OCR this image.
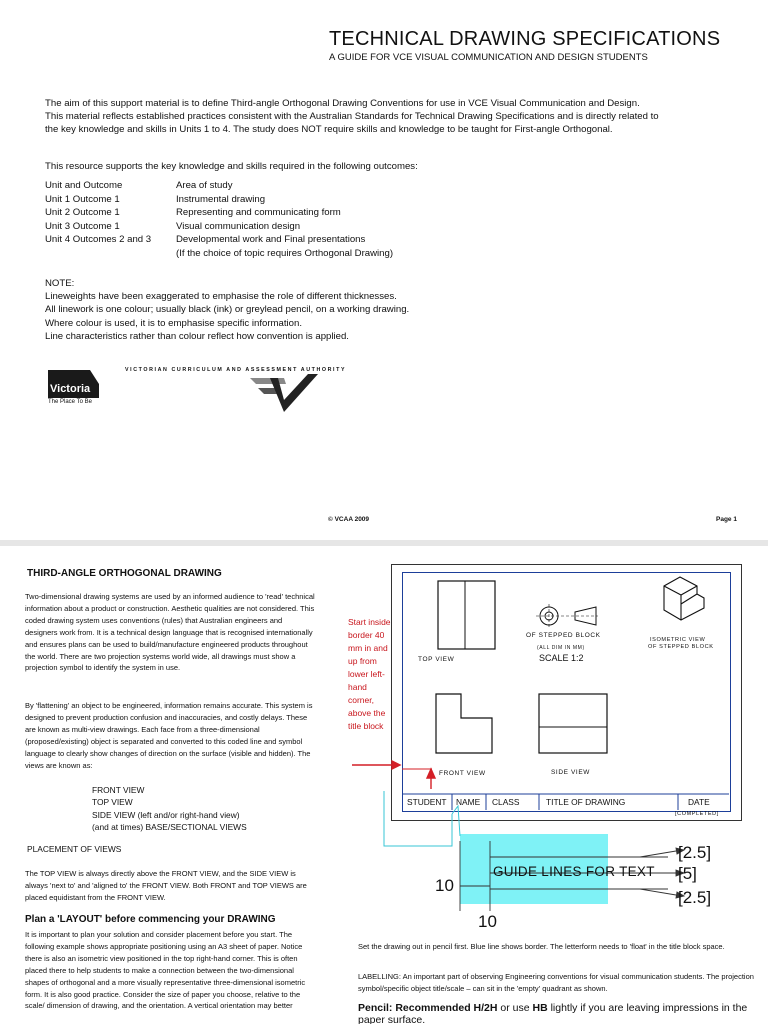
TECHNICAL DRAWING SPECIFICATIONS
A GUIDE FOR VCE VISUAL COMMUNICATION AND DESIGN STUDENTS
The aim of this support material is to define Third-angle Orthogonal Drawing Conventions for use in VCE Visual Communication and Design. This material reflects established practices consistent with the Australian Standards for Technical Drawing Specifications and is directly related to the key knowledge and skills in Units 1 to 4. The study does NOT require skills and knowledge to be taught for First-angle Orthogonal.
This resource supports the key knowledge and skills required in the following outcomes:
Unit and Outcome	Area of study
Unit 1 Outcome 1	Instrumental drawing
Unit 2 Outcome 1	Representing and communicating form
Unit 3 Outcome 1	Visual communication design
Unit 4 Outcomes 2 and 3	Developmental work and Final presentations
(If the choice of topic requires Orthogonal Drawing)
NOTE:
Lineweights have been exaggerated to emphasise the role of different thicknesses.
All linework is one colour; usually black (ink) or greylead pencil, on a working drawing.
Where colour is used, it is to emphasise specific information.
Line characteristics rather than colour reflect how convention is applied.
Victoria
The Place To Be
VICTORIAN CURRICULUM AND ASSESSMENT AUTHORITY
© VCAA 2009	Page 1
THIRD-ANGLE ORTHOGONAL DRAWING
Two-dimensional drawing systems are used by an informed audience to 'read' technical information about a product or construction. Aesthetic qualities are not considered. This coded drawing system uses conventions (rules) that Australian engineers and designers work from. It is a technical design language that is recognised internationally and ensures plans can be used to build/manufacture engineered products throughout the world. There are two projection systems world wide, all drawings must show a projection symbol to identify the system in use.
By 'flattening' an object to be engineered, information remains accurate. This system is designed to prevent production confusion and inaccuracies, and costly delays. These are known as multi-view drawings. Each face from a three-dimensional (proposed/existing) object is separated and converted to this coded line and symbol language to clearly show changes of direction on the surface (visible and hidden). The views are known as:
FRONT VIEW
TOP VIEW
SIDE VIEW (left and/or right-hand view)
(and at times) BASE/SECTIONAL VIEWS
PLACEMENT OF VIEWS
The TOP VIEW is always directly above the FRONT VIEW, and the SIDE VIEW is always 'next to' and 'aligned to' the FRONT VIEW. Both FRONT and TOP VIEWS are placed equidistant from the FRONT VIEW.
Plan a 'LAYOUT' before commencing your DRAWING
It is important to plan your solution and consider placement before you start. The following example shows appropriate positioning using an A3 sheet of paper. Notice there is also an isometric view positioned in the top right-hand corner. This is often placed there to help students to make a connection between the two-dimensional shapes of orthogonal and a more visually representative three-dimensional isometric form. It is also good practice. Consider the size of paper you choose, relative to the scale/ dimension of drawing, and the orientation. A vertical orientation may better
Start inside border 40 mm in and up from lower left-hand corner, above the title block
TOP VIEW
OF STEPPED BLOCK
(ALL DIM IN MM)
SCALE 1:2
ISOMETRIC VIEW
OF STEPPED BLOCK
FRONT VIEW	SIDE VIEW
STUDENT NAME CLASS	TITLE OF DRAWING	DATE
[COMPLETED]
GUIDE LINES FOR TEXT
[2.5]
[5]
[2.5]
10
10
Set the drawing out in pencil first. Blue line shows border. The letterform needs to 'float' in the title block space.
LABELLING: An important part of observing Engineering conventions for visual communication students. The projection symbol/specific object title/scale – can sit in the 'empty' quadrant as shown.
Pencil: Recommended H/2H or use HB lightly if you are leaving impressions in the paper surface.
